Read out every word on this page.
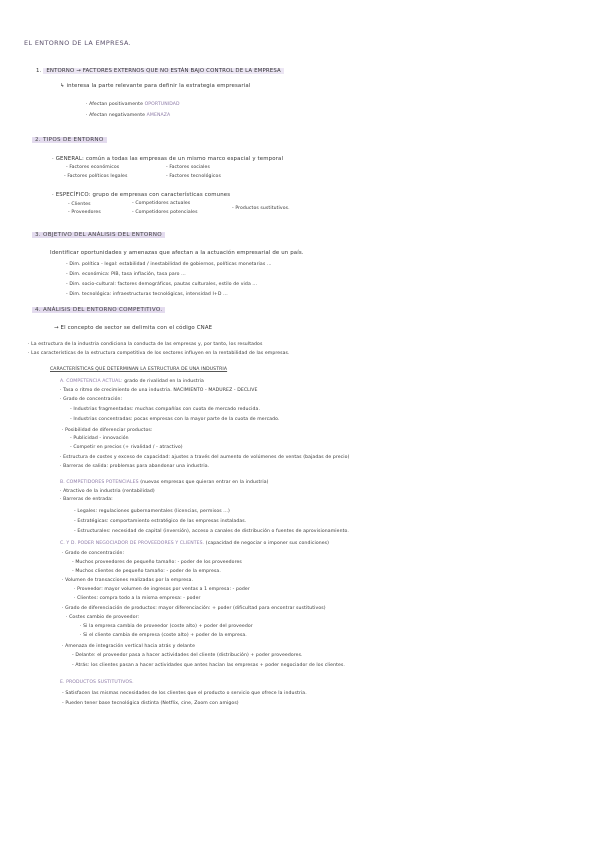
EL ENTORNO DE LA EMPRESA.
1. ENTORNO → FACTORES EXTERNOS QUE NO ESTÁN BAJO CONTROL DE LA EMPRESA
↳ interesa la parte relevante para definir la estrategia empresarial
· Afectan positivamente OPORTUNIDAD
· Afectan negativamente AMENAZA
2. TIPOS DE ENTORNO
· GENERAL: común a todas las empresas de un mismo marco espacial y temporal
- Factores económicos	- Factores sociales
- Factores políticos legales	- Factores tecnológicos
· ESPECÍFICO: grupo de empresas con características comunes
- Clientes	- Competidores actuales
- Proveedores	- Competidores potenciales
- Productos sustitutivos.
3. OBJETIVO DEL ANÁLISIS DEL ENTORNO
Identificar oportunidades y amenazas que afectan a la actuación empresarial de un país.
- Dim. política - legal: estabilidad / inestabilidad de gobiernos, políticas monetarias ...
- Dim. económica: PIB, tasa inflación, tasa paro ...
- Dim. socio-cultural: factores demográficos, pautas culturales, estilo de vida ...
- Dim. tecnológica: infraestructuras tecnológicas, intensidad I+D ...
4. ANÁLISIS DEL ENTORNO COMPETITIVO.
→ El concepto de sector se delimita con el código CNAE
· La estructura de la industria condiciona la conducta de las empresas y, por tanto, los resultados
· Las características de la estructura competitiva de los sectores influyen en la rentabilidad de las empresas.
CARACTERÍSTICAS QUE DETERMINAN LA ESTRUCTURA DE UNA INDUSTRIA
A. COMPETENCIA ACTUAL: grado de rivalidad en la industria
· Tasa o ritmo de crecimiento de una industria. NACIMIENTO - MADUREZ - DECLIVE
· Grado de concentración:
- Industrias fragmentadas: muchas compañías con cuota de mercado reducida.
- Industrias concentradas: pocas empresas con la mayor parte de la cuota de mercado.
· Posibilidad de diferenciar productos:
- Publicidad - innovación
- Competir en precios (+ rivalidad / - atractivo)
· Estructura de costes y exceso de capacidad: ajustes a través del aumento de volúmenes de ventas (bajadas de precio)
· Barreras de salida: problemas para abandonar una industria.
B. COMPETIDORES POTENCIALES (nuevas empresas que quieran entrar en la industria)
· Atractivo de la industria (rentabilidad)
· Barreras de entrada:
- Legales: regulaciones gubernamentales (licencias, permisos ...)
- Estratégicas: comportamiento estratégico de las empresas instaladas.
- Estructurales: necesidad de capital (inversión), acceso a canales de distribución o fuentes de aprovisionamiento.
C. Y D. PODER NEGOCIADOR DE PROVEEDORES Y CLIENTES. (capacidad de negociar o imponer sus condiciones)
· Grado de concentración:
- Muchos proveedores de pequeño tamaño: - poder de los proveedores
- Muchos clientes de pequeño tamaño: - poder de la empresa.
· Volumen de transacciones realizadas por la empresa.
· Proveedor: mayor volumen de ingresos por ventas a 1 empresa: - poder
· Clientes: compra todo a la misma empresa: - poder
· Grado de diferenciación de productos: mayor diferenciación: + poder (dificultad para encontrar sustitutivos)
· Costes cambio de proveedor:
· Si la empresa cambia de proveedor (coste alto) + poder del proveedor
· Si el cliente cambia de empresa (coste alto) + poder de la empresa.
· Amenaza de integración vertical hacia atrás y delante
- Delante: el proveedor pasa a hacer actividades del cliente (distribución) + poder proveedores.
- Atrás: los clientes pasan a hacer actividades que antes hacían las empresas + poder negociador de los clientes.
E. PRODUCTOS SUSTITUTIVOS.
- Satisfacen las mismas necesidades de los clientes que el producto o servicio que ofrece la industria.
- Pueden tener base tecnológica distinta (Netflix, cine, Zoom con amigos)
